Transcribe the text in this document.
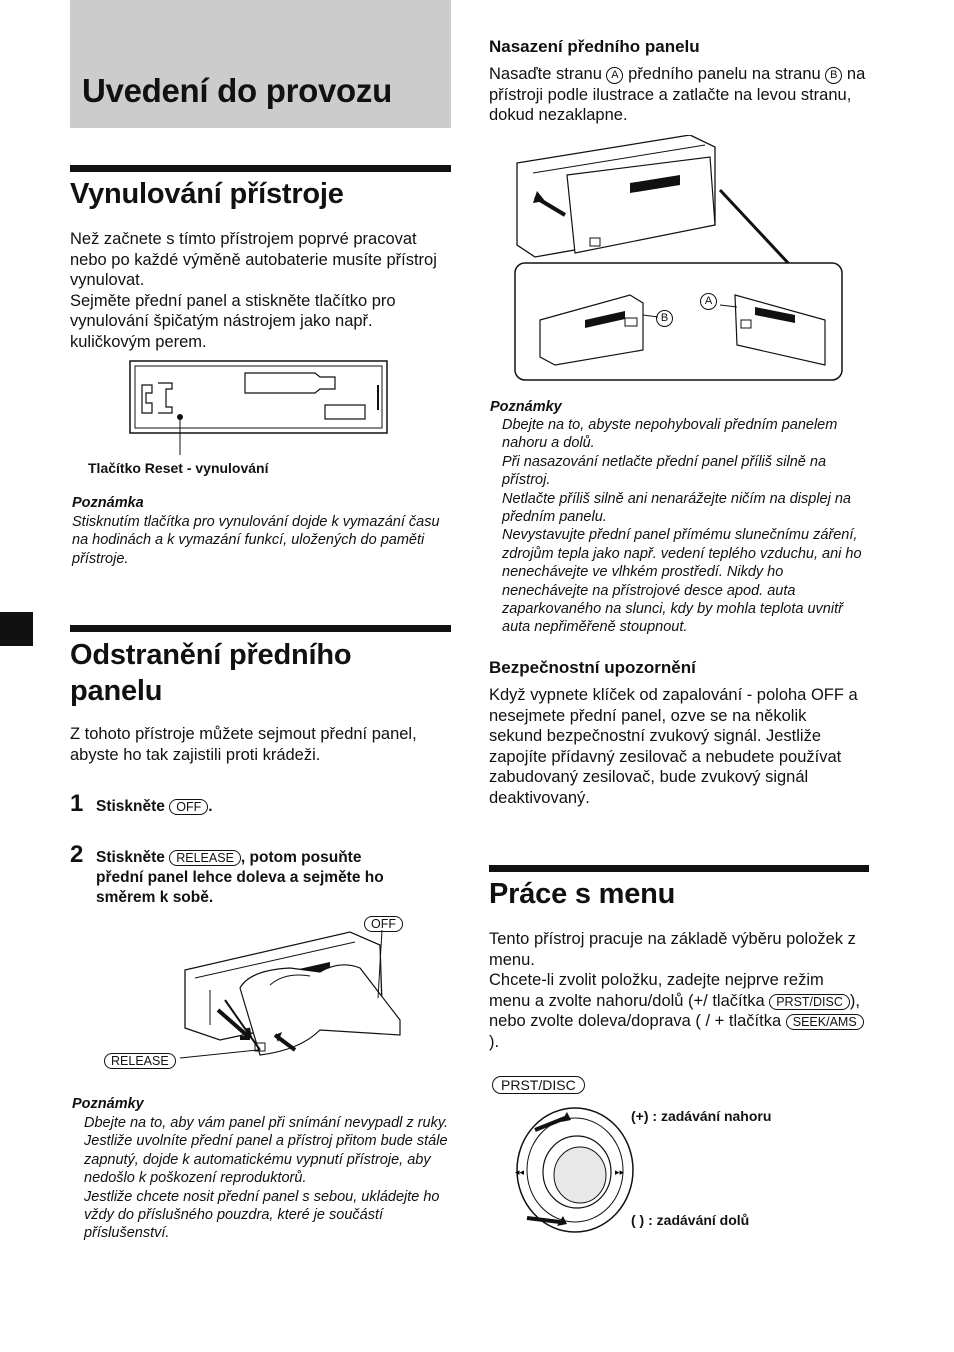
Uvedení do provozu
Vynulování přístroje

Než začnete s tímto přístrojem poprvé pracovat nebo po každé výměně autobaterie musíte přístroj vynulovat.

Sejměte přední panel a stiskněte tlačítko pro vynulování špičatým nástrojem jako např. kuličkovým perem.

Tlačítko Reset - vynulování
Poznámka
Stisknutím tlačítka pro vynulování dojde k vymazání času na hodinách a k vymazání funkcí, uložených do paměti přístroje.
Odstranění předního
panelu
Z tohoto přístroje můžete sejmout přední panel, abyste ho tak zajistili proti krádeži.
1 Stiskněte OFF .
2 Stiskněte RELEASE , potom posuňte
přední panel lehce doleva a sejměte ho
směrem k sobě.
OFF
RELEASE
Poznámky

Dbejte na to, aby vám panel při snímání nevypadl z ruky.

Jestliže uvolníte přední panel a přístroj přitom bude stále zapnutý, dojde k automatickému vypnutí přístroje, aby nedošlo k poškození reproduktorů.

Jestliže chcete nosit přední panel s sebou, ukládejte ho vždy do příslušného pouzdra, které je součástí příslušenství.

Nasazení předního panelu
Nasaďte stranu A předního panelu na stranu B na přístroji podle ilustrace a zatlačte na levou stranu, dokud nezaklapne.
B
A
Poznámky

Dbejte na to, abyste nepohybovali předním panelem nahoru a dolů.

Při nasazování netlačte přední panel příliš silně na přístroj.

Netlačte příliš silně ani nenarážejte ničím na displej na předním panelu.

Nevystavujte přední panel přímému slunečnímu záření, zdrojům tepla jako např. vedení teplého vzduchu, ani ho nenechávejte ve vlhkém prostředí. Nikdy ho nenechávejte na přístrojové desce apod. auta zaparkovaného na slunci, kdy by mohla teplota uvnitř auta nepřiměřeně stoupnout.

Bezpečnostní upozornění
Když vypnete klíček od zapalování - poloha OFF a nesejmete přední panel, ozve se na několik sekund bezpečnostní zvukový signál. Jestliže zapojíte přídavný zesilovač a nebudete používat zabudovaný zesilovač, bude zvukový signál deaktivovaný.
Práce s menu

Tento přístroj pracuje na základě výběru položek z menu.

Chcete-li zvolit položku, zadejte nejprve režim menu a zvolte nahoru/dolů (+/ tlačítka PRST/DISC ), nebo zvolte doleva/doprava ( / + tlačítka SEEK/AMS).

PRST/DISC
◂◂	▸▸
(+) : zadávání nahoru
( ) : zadávání dolů
